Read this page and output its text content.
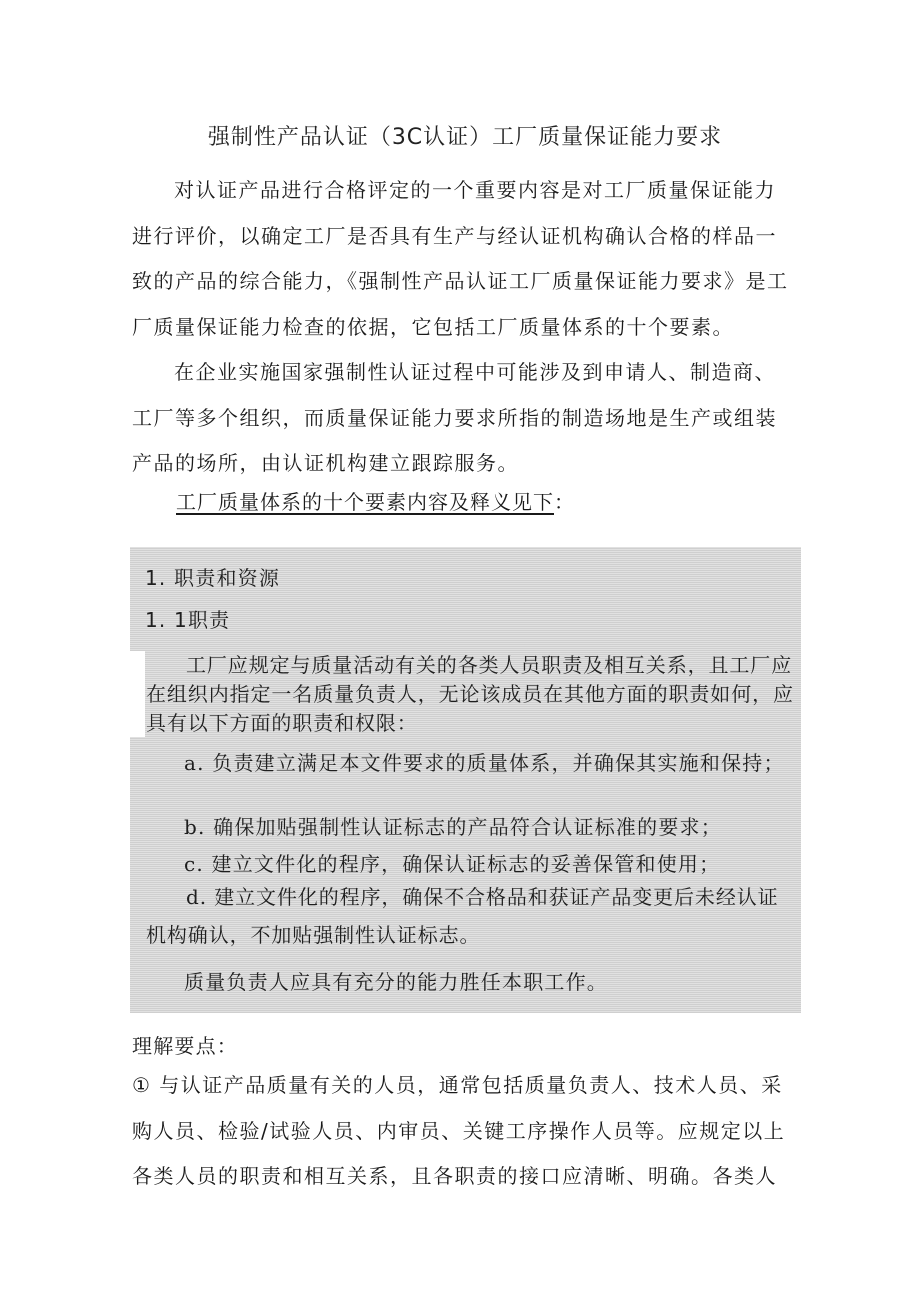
强制性产品认证（3C认证）工厂质量保证能力要求

对认证产品进行合格评定的一个重要内容是对工厂质量保证能力进行评价，以确定工厂是否具有生产与经认证机构确认合格的样品一致的产品的综合能力，《强制性产品认证工厂质量保证能力要求》是工厂质量保证能力检查的依据，它包括工厂质量体系的十个要素。

在企业实施国家强制性认证过程中可能涉及到申请人、制造商、工厂等多个组织，而质量保证能力要求所指的制造场地是生产或组装产品的场所，由认证机构建立跟踪服务。

工厂质量体系的十个要素内容及释义见下：
1. 职责和资源
1. 1职责

工厂应规定与质量活动有关的各类人员职责及相互关系，且工厂应在组织内指定一名质量负责人，无论该成员在其他方面的职责如何，应具有以下方面的职责和权限：

a. 负责建立满足本文件要求的质量体系，并确保其实施和保持；
b. 确保加贴强制性认证标志的产品符合认证标准的要求；
c. 建立文件化的程序，确保认证标志的妥善保管和使用；

d. 建立文件化的程序，确保不合格品和获证产品变更后未经认证机构确认，不加贴强制性认证标志。

质量负责人应具有充分的能力胜任本职工作。
理解要点：

① 与认证产品质量有关的人员，通常包括质量负责人、技术人员、采购人员、检验/试验人员、内审员、关键工序操作人员等。应规定以上各类人员的职责和相互关系，且各职责的接口应清晰、明确。各类人
